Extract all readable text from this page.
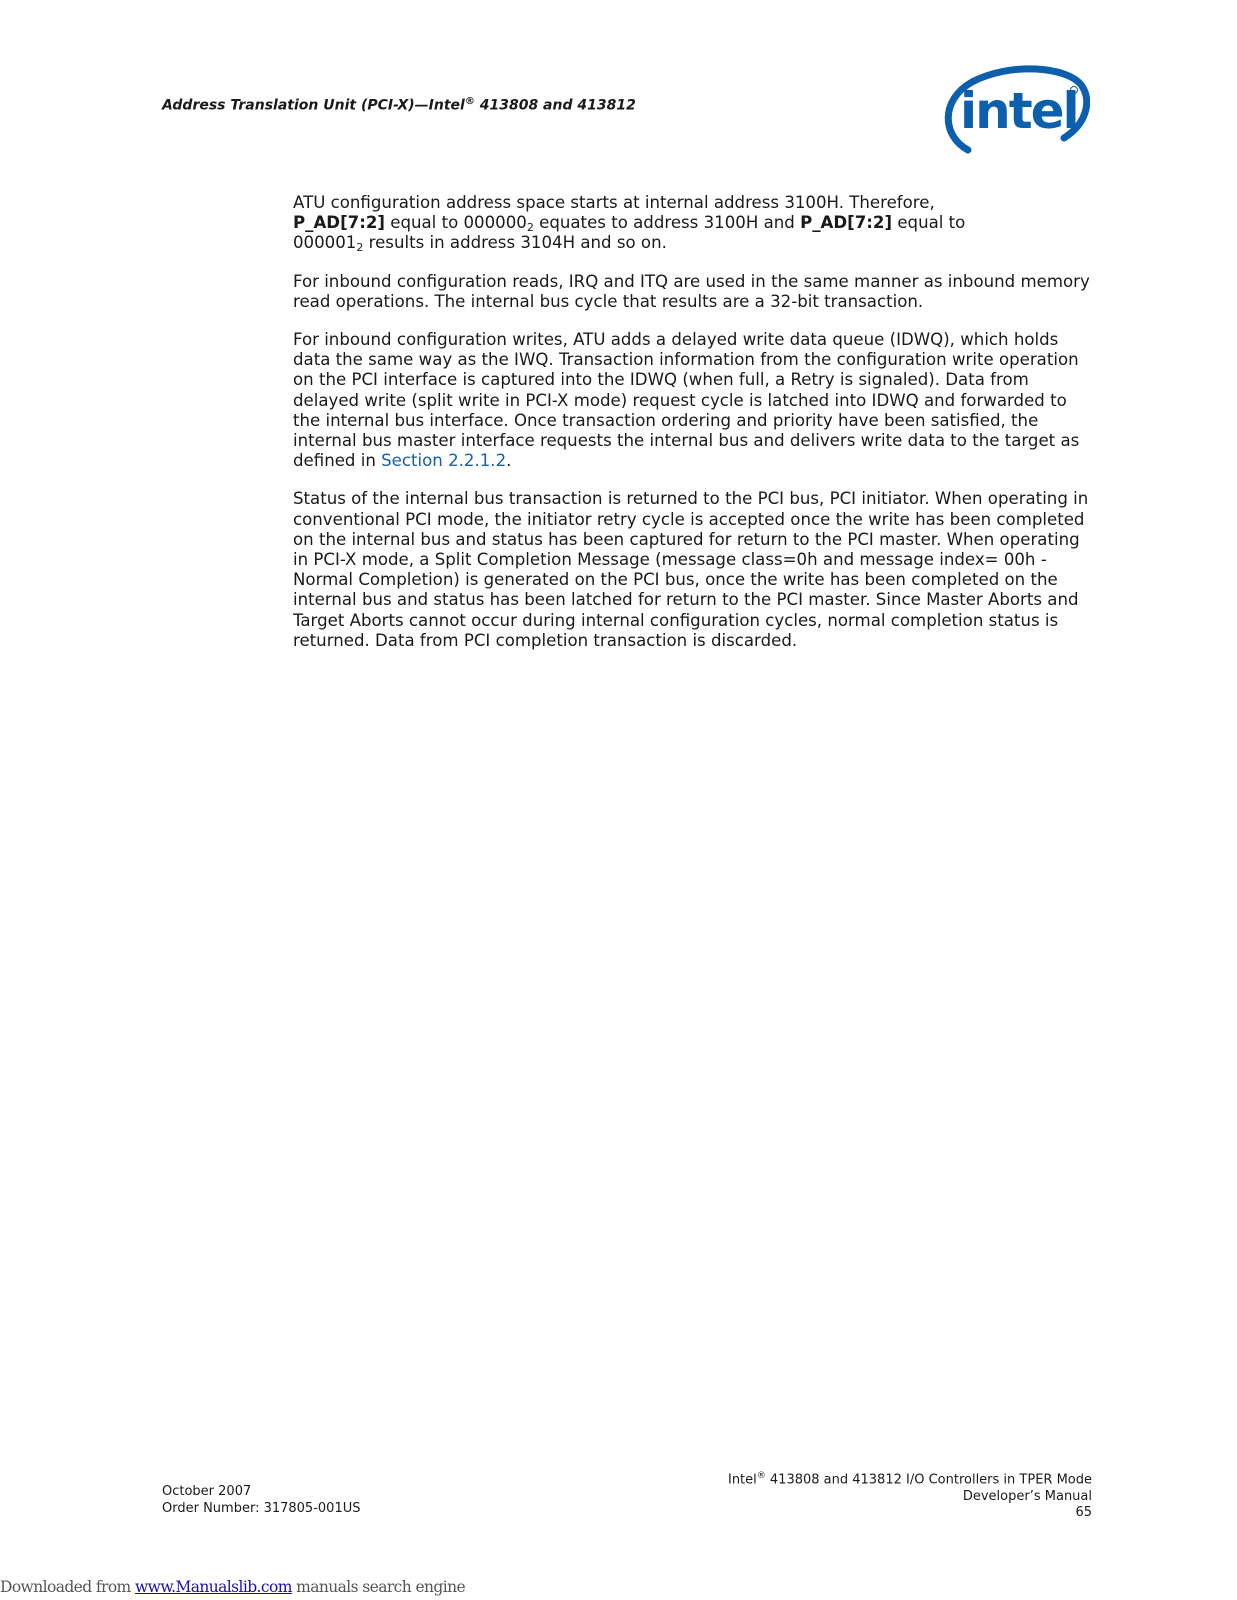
Address Translation Unit (PCI-X)—Intel® 413808 and 413812	intel

ATU configuration address space starts at internal address 3100H. Therefore,
P_AD[7:2] equal to $000000_2$ equates to address 3100H and P_AD[7:2] equal to
$000001_2$ results in address 3104H and so on.

For inbound configuration reads, IRQ and ITQ are used in the same manner as inbound memory read operations. The internal bus cycle that results are a 32-bit transaction.

For inbound configuration writes, ATU adds a delayed write data queue (IDWQ), which holds data the same way as the IWQ. Transaction information from the configuration write operation on the PCI interface is captured into the IDWQ (when full, a Retry is signaled). Data from delayed write (split write in PCI-X mode) request cycle is latched into IDWQ and forwarded to the internal bus interface. Once transaction ordering and priority have been satisfied, the internal bus master interface requests the internal bus and delivers write data to the target as defined in Section 2.2.1.2.

Status of the internal bus transaction is returned to the PCI bus, PCI initiator. When operating in conventional PCI mode, the initiator retry cycle is accepted once the write has been completed on the internal bus and status has been captured for return to the PCI master. When operating in PCI-X mode, a Split Completion Message (message class=0h and message index= 00h - Normal Completion) is generated on the PCI bus, once the write has been completed on the internal bus and status has been latched for return to the PCI master. Since Master Aborts and Target Aborts cannot occur during internal configuration cycles, normal completion status is returned. Data from PCI completion transaction is discarded.

October 2007
Order Number: 317805-001US
Intel® 413808 and 413812 I/O Controllers in TPER Mode
Developer’s Manual
65
Downloaded from www.Manualslib.com manuals search engine
